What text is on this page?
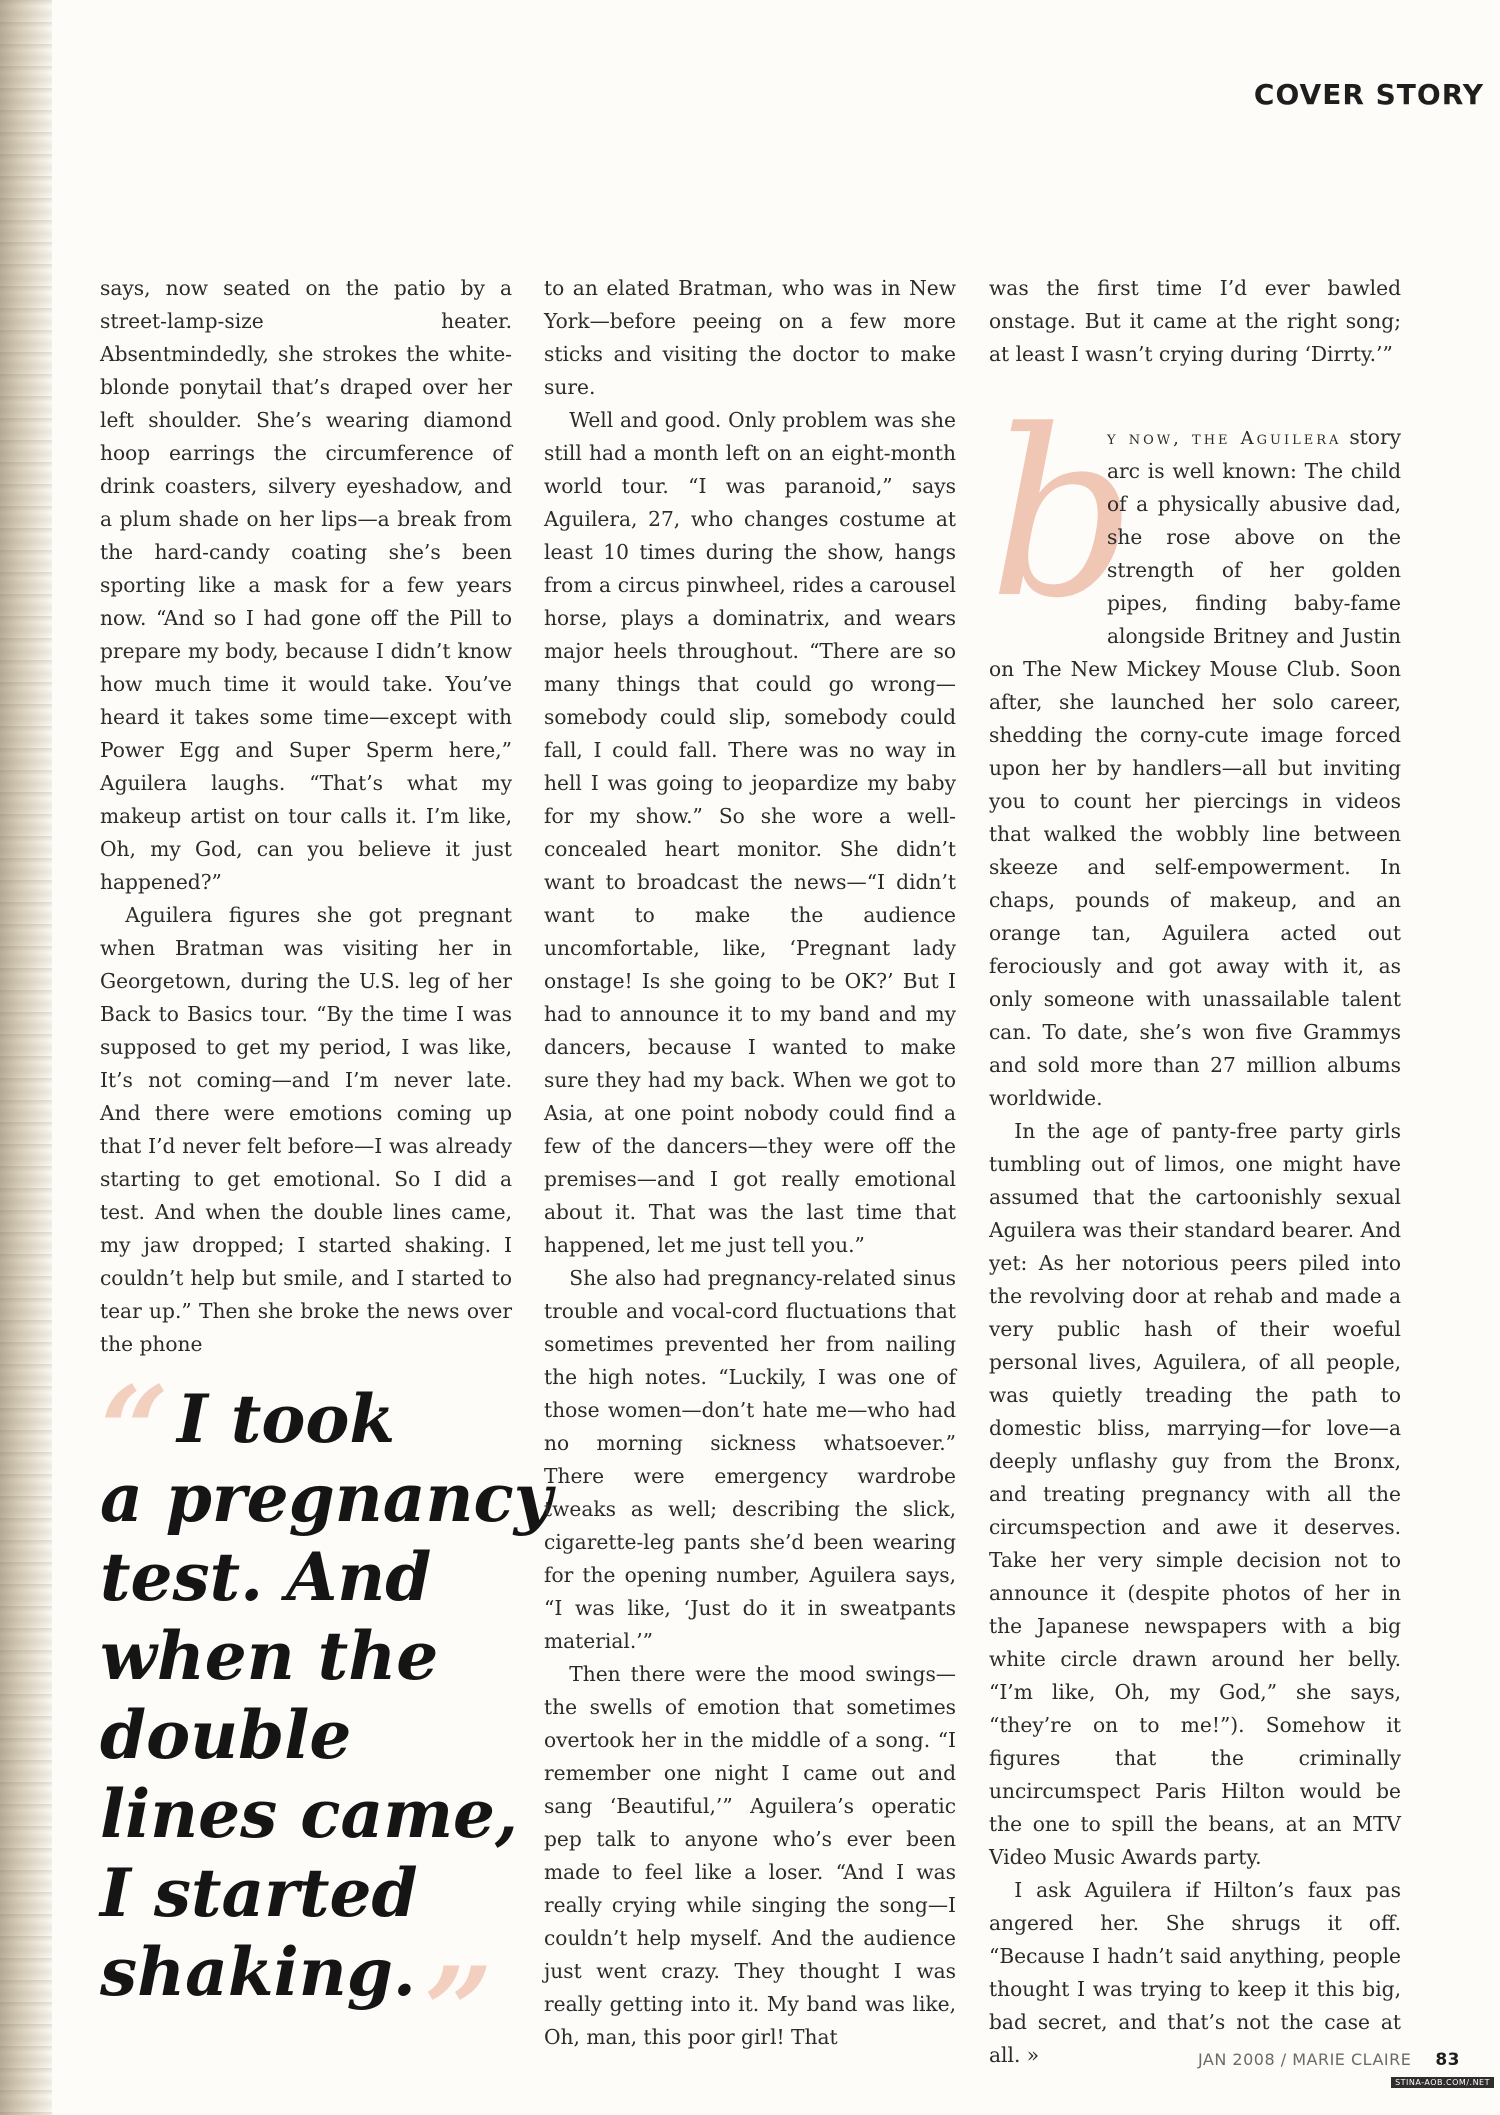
COVER STORY

says, now seated on the patio by a street-lamp-size heater. Absentmindedly, she strokes the white-blonde ponytail that’s draped over her left shoulder. She’s wearing diamond hoop earrings the circumference of drink coasters, silvery eyeshadow, and a plum shade on her lips—a break from the hard-candy coating she’s been sporting like a mask for a few years now. “And so I had gone off the Pill to prepare my body, because I didn’t know how much time it would take. You’ve heard it takes some time—except with Power Egg and Super Sperm here,” Aguilera laughs. “That’s what my makeup artist on tour calls it. I’m like, Oh, my God, can you believe it just happened?”

Aguilera figures she got pregnant when Bratman was visiting her in Georgetown, during the U.S. leg of her Back to Basics tour. “By the time I was supposed to get my period, I was like, It’s not coming—and I’m never late. And there were emotions coming up that I’d never felt before—I was already starting to get emotional. So I did a test. And when the double lines came, my jaw dropped; I started shaking. I couldn’t help but smile, and I started to tear up.” Then she broke the news over the phone

“ I took
a pregnancy
test. And
when the
double
lines came,
I started
shaking.”

to an elated Bratman, who was in New York—before peeing on a few more sticks and visiting the doctor to make sure.

Well and good. Only problem was she still had a month left on an eight-month world tour. “I was paranoid,” says Aguilera, 27, who changes costume at least 10 times during the show, hangs from a circus pinwheel, rides a carousel horse, plays a dominatrix, and wears major heels throughout. “There are so many things that could go wrong—somebody could slip, somebody could fall, I could fall. There was no way in hell I was going to jeopardize my baby for my show.” So she wore a well-concealed heart monitor. She didn’t want to broadcast the news—“I didn’t want to make the audience uncomfortable, like, ‘Pregnant lady onstage! Is she going to be OK?’ But I had to announce it to my band and my dancers, because I wanted to make sure they had my back. When we got to Asia, at one point nobody could find a few of the dancers—they were off the premises—and I got really emotional about it. That was the last time that happened, let me just tell you.”

She also had pregnancy-related sinus trouble and vocal-cord fluctuations that sometimes prevented her from nailing the high notes. “Luckily, I was one of those women—don’t hate me—who had no morning sickness whatsoever.” There were emergency wardrobe tweaks as well; describing the slick, cigarette-leg pants she’d been wearing for the opening number, Aguilera says, “I was like, ‘Just do it in sweatpants material.’”

Then there were the mood swings—the swells of emotion that sometimes overtook her in the middle of a song. “I remember one night I came out and sang ‘Beautiful,’” Aguilera’s operatic pep talk to anyone who’s ever been made to feel like a loser. “And I was really crying while singing the song—I couldn’t help myself. And the audience just went crazy. They thought I was really getting into it. My band was like, Oh, man, this poor girl! That

was the first time I’d ever bawled onstage. But it came at the right song; at least I wasn’t crying during ‘Dirrty.’”

b

y now, the Aguilera story arc is well known: The child of a physically abusive dad, she rose above on the strength of her golden pipes, finding baby-fame alongside Britney and Justin on The New Mickey Mouse Club. Soon after, she launched her solo career, shedding the corny-cute image forced upon her by handlers—all but inviting you to count her piercings in videos that walked the wobbly line between skeeze and self-empowerment. In chaps, pounds of makeup, and an orange tan, Aguilera acted out ferociously and got away with it, as only someone with unassailable talent can. To date, she’s won five Grammys and sold more than 27 million albums worldwide.

In the age of panty-free party girls tumbling out of limos, one might have assumed that the cartoonishly sexual Aguilera was their standard bearer. And yet: As her notorious peers piled into the revolving door at rehab and made a very public hash of their woeful personal lives, Aguilera, of all people, was quietly treading the path to domestic bliss, marrying—for love—a deeply unflashy guy from the Bronx, and treating pregnancy with all the circumspection and awe it deserves. Take her very simple decision not to announce it (despite photos of her in the Japanese newspapers with a big white circle drawn around her belly. “I’m like, Oh, my God,” she says, “they’re on to me!”). Somehow it figures that the criminally uncircumspect Paris Hilton would be the one to spill the beans, at an MTV Video Music Awards party.

I ask Aguilera if Hilton’s faux pas angered her. She shrugs it off. “Because I hadn’t said anything, people thought I was trying to keep it this big, bad secret, and that’s not the case at all. »	JAN 2008 / MARIE CLAIRE 83
STINA-AOB.COM/.NET
